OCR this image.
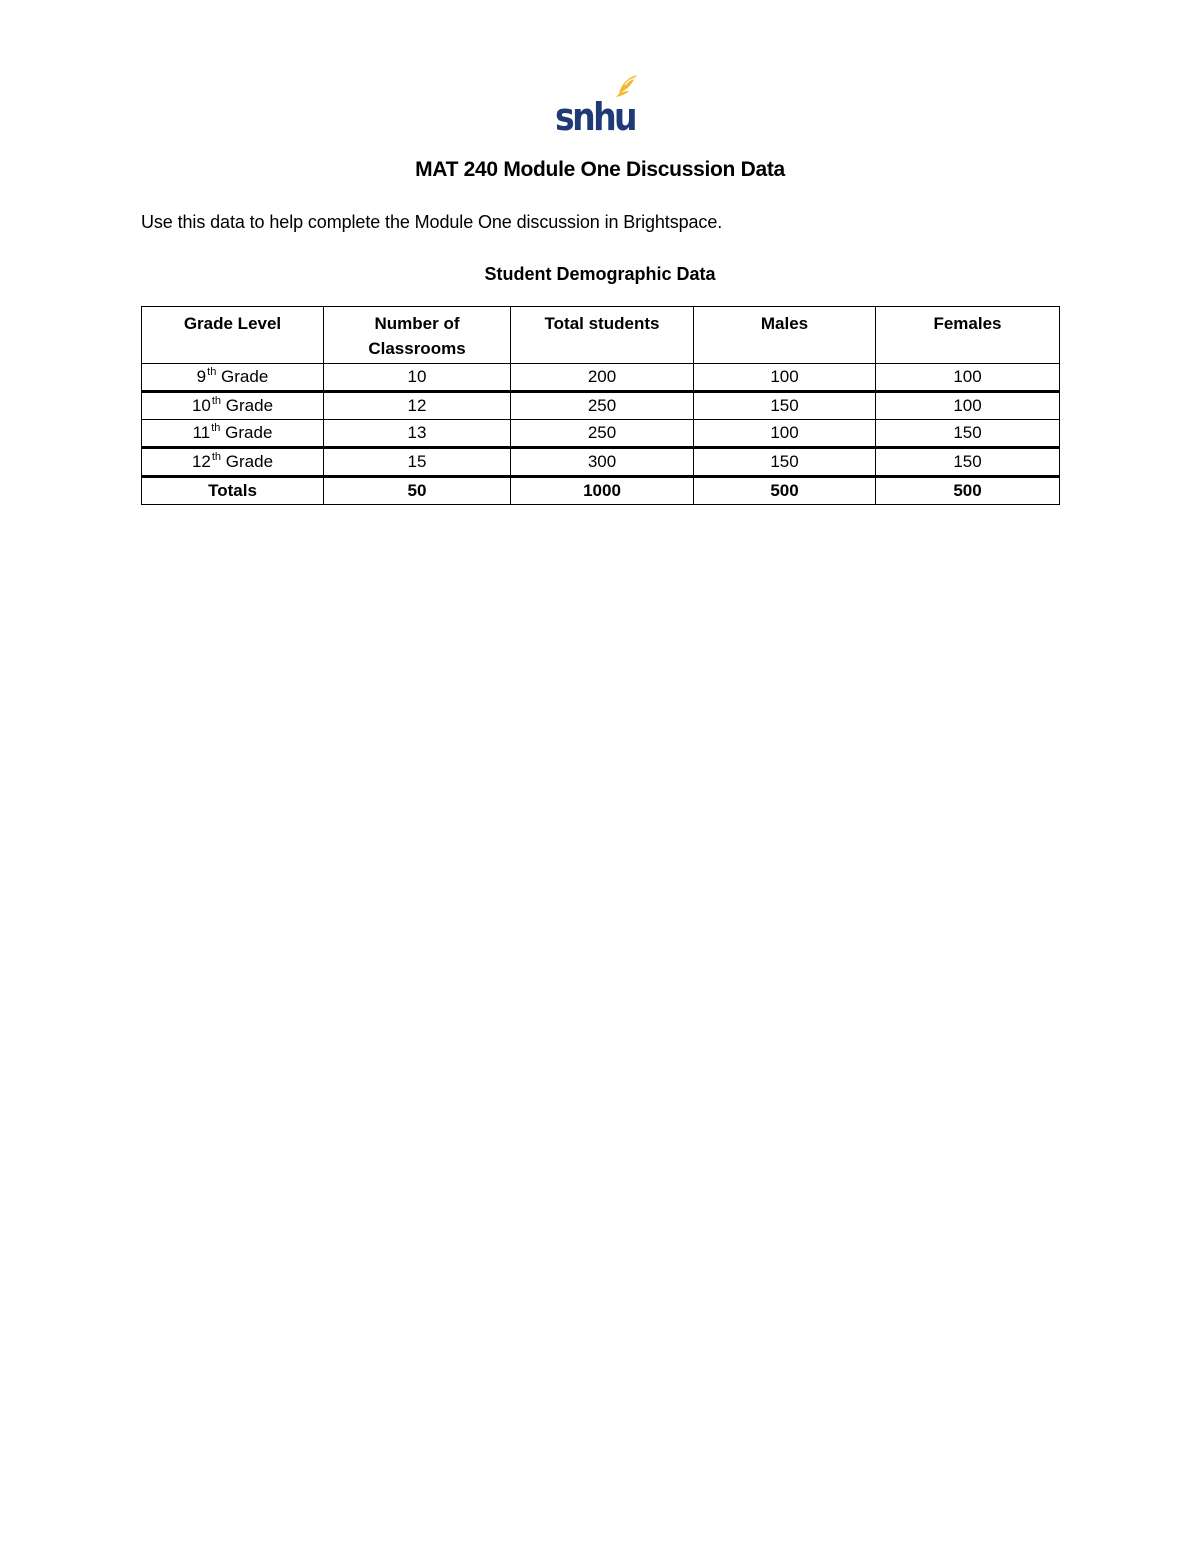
snhu
MAT 240 Module One Discussion Data
Use this data to help complete the Module One discussion in Brightspace.
Student Demographic Data
Grade Level	Number of Classrooms	Total students	Males	Females
9th Grade	10	200	100	100
10th Grade	12	250	150	100
11th Grade	13	250	100	150
12th Grade	15	300	150	150
Totals	50	1000	500	500
